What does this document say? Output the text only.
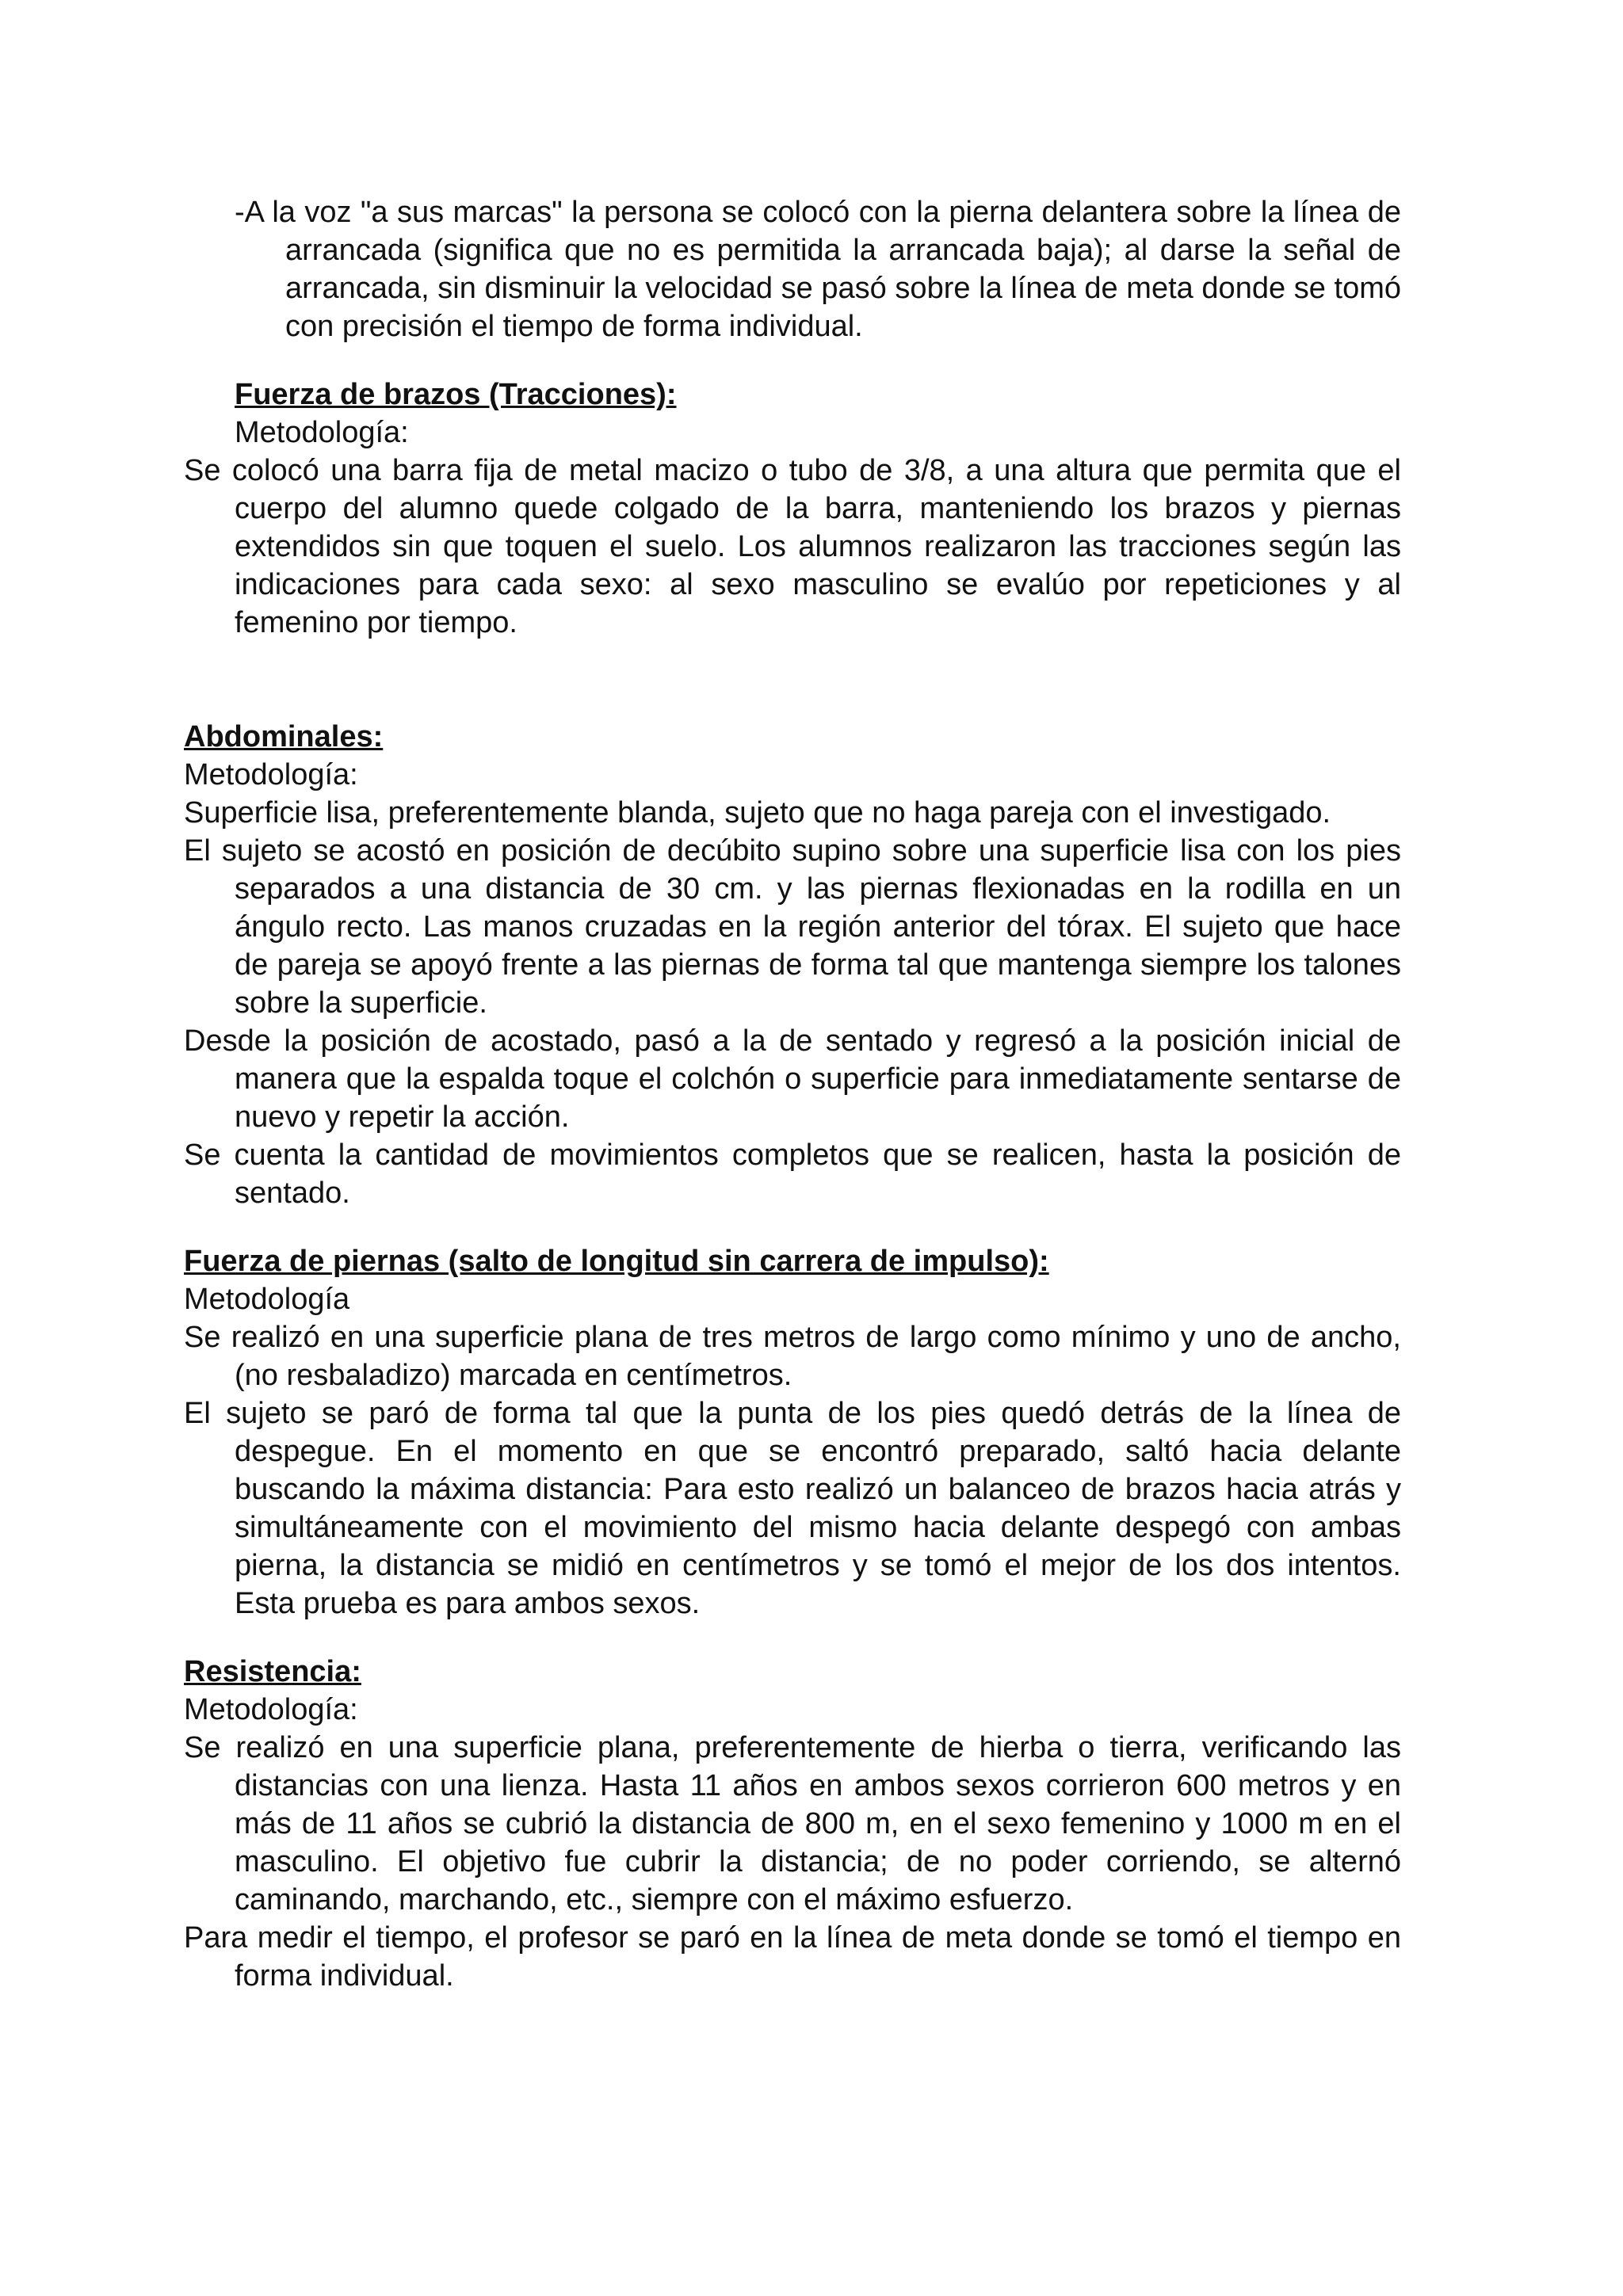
-A la voz "a sus marcas" la persona se colocó con la pierna delantera sobre la línea de arrancada (significa que no es permitida la arrancada baja); al darse la señal de arrancada, sin disminuir la velocidad se pasó sobre la línea de meta donde se tomó con precisión el tiempo de forma individual.

Fuerza de brazos (Tracciones):

Metodología:

Se colocó una barra fija de metal macizo o tubo de 3/8, a una altura que permita que el cuerpo del alumno quede colgado de la barra, manteniendo los brazos y piernas extendidos sin que toquen el suelo. Los alumnos realizaron las tracciones según las indicaciones para cada sexo: al sexo masculino se evalúo por repeticiones y al femenino por tiempo.

Abdominales:

Metodología:

Superficie lisa, preferentemente blanda, sujeto que no haga pareja con el investigado.

El sujeto se acostó en posición de decúbito supino sobre una superficie lisa con los pies separados a una distancia de 30 cm. y las piernas flexionadas en la rodilla en un ángulo recto. Las manos cruzadas en la región anterior del tórax. El sujeto que hace de pareja se apoyó frente a las piernas de forma tal que mantenga siempre los talones sobre la superficie.

Desde la posición de acostado, pasó a la de sentado y regresó a la posición inicial de manera que la espalda toque el colchón o superficie para inmediatamente sentarse de nuevo y repetir la acción.

Se cuenta la cantidad de movimientos completos que se realicen, hasta la posición de sentado.

Fuerza de piernas (salto de longitud sin carrera de impulso):

Metodología

Se realizó en una superficie plana de tres metros de largo como mínimo y uno de ancho, (no resbaladizo) marcada en centímetros.

El sujeto se paró de forma tal que la punta de los pies quedó detrás de la línea de despegue. En el momento en que se encontró preparado, saltó hacia delante buscando la máxima distancia: Para esto realizó un balanceo de brazos hacia atrás y simultáneamente con el movimiento del mismo hacia delante despegó con ambas pierna, la distancia se midió en centímetros y se tomó el mejor de los dos intentos. Esta prueba es para ambos sexos.

Resistencia:

Metodología:

Se realizó en una superficie plana, preferentemente de hierba o tierra, verificando las distancias con una lienza. Hasta 11 años en ambos sexos corrieron 600 metros y en más de 11 años se cubrió la distancia de 800 m, en el sexo femenino y 1000 m en el masculino. El objetivo fue cubrir la distancia; de no poder corriendo, se alternó caminando, marchando, etc., siempre con el máximo esfuerzo.

Para medir el tiempo, el profesor se paró en la línea de meta donde se tomó el tiempo en forma individual.
